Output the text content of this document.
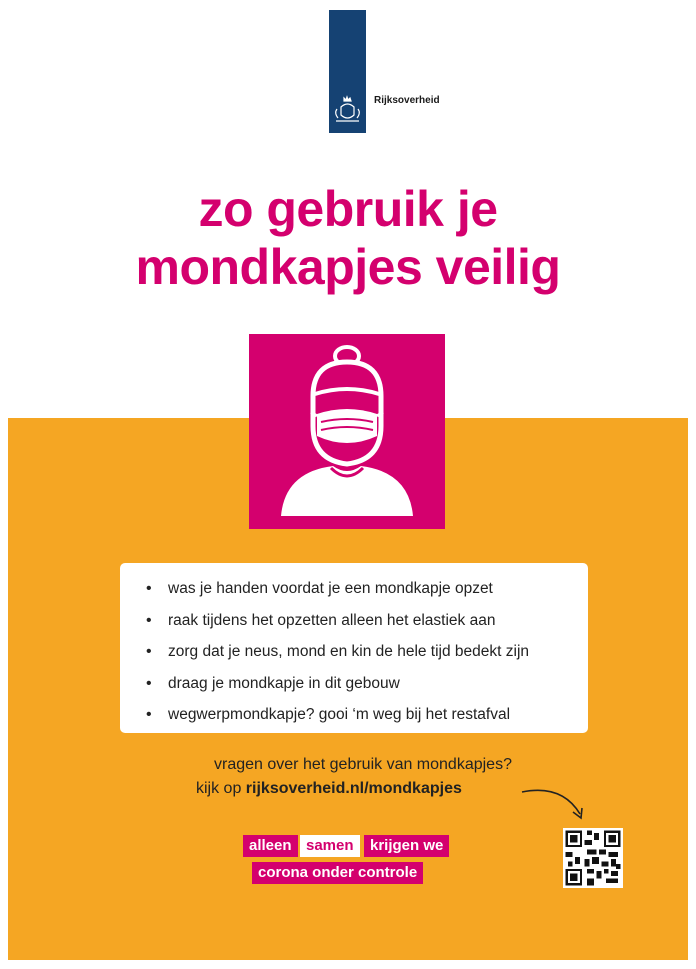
Rijksoverheid
zo gebruik je
mondkapjes veilig
• was je handen voordat je een mondkapje opzet
• raak tijdens het opzetten alleen het elastiek aan
• zorg dat je neus, mond en kin de hele tijd bedekt zijn
• draag je mondkapje in dit gebouw
• wegwerpmondkapje? gooi ‘m weg bij het restafval
vragen over het gebruik van mondkapjes?
kijk op rijksoverheid.nl/mondkapjes
alleen samen	krijgen we
corona onder controle
